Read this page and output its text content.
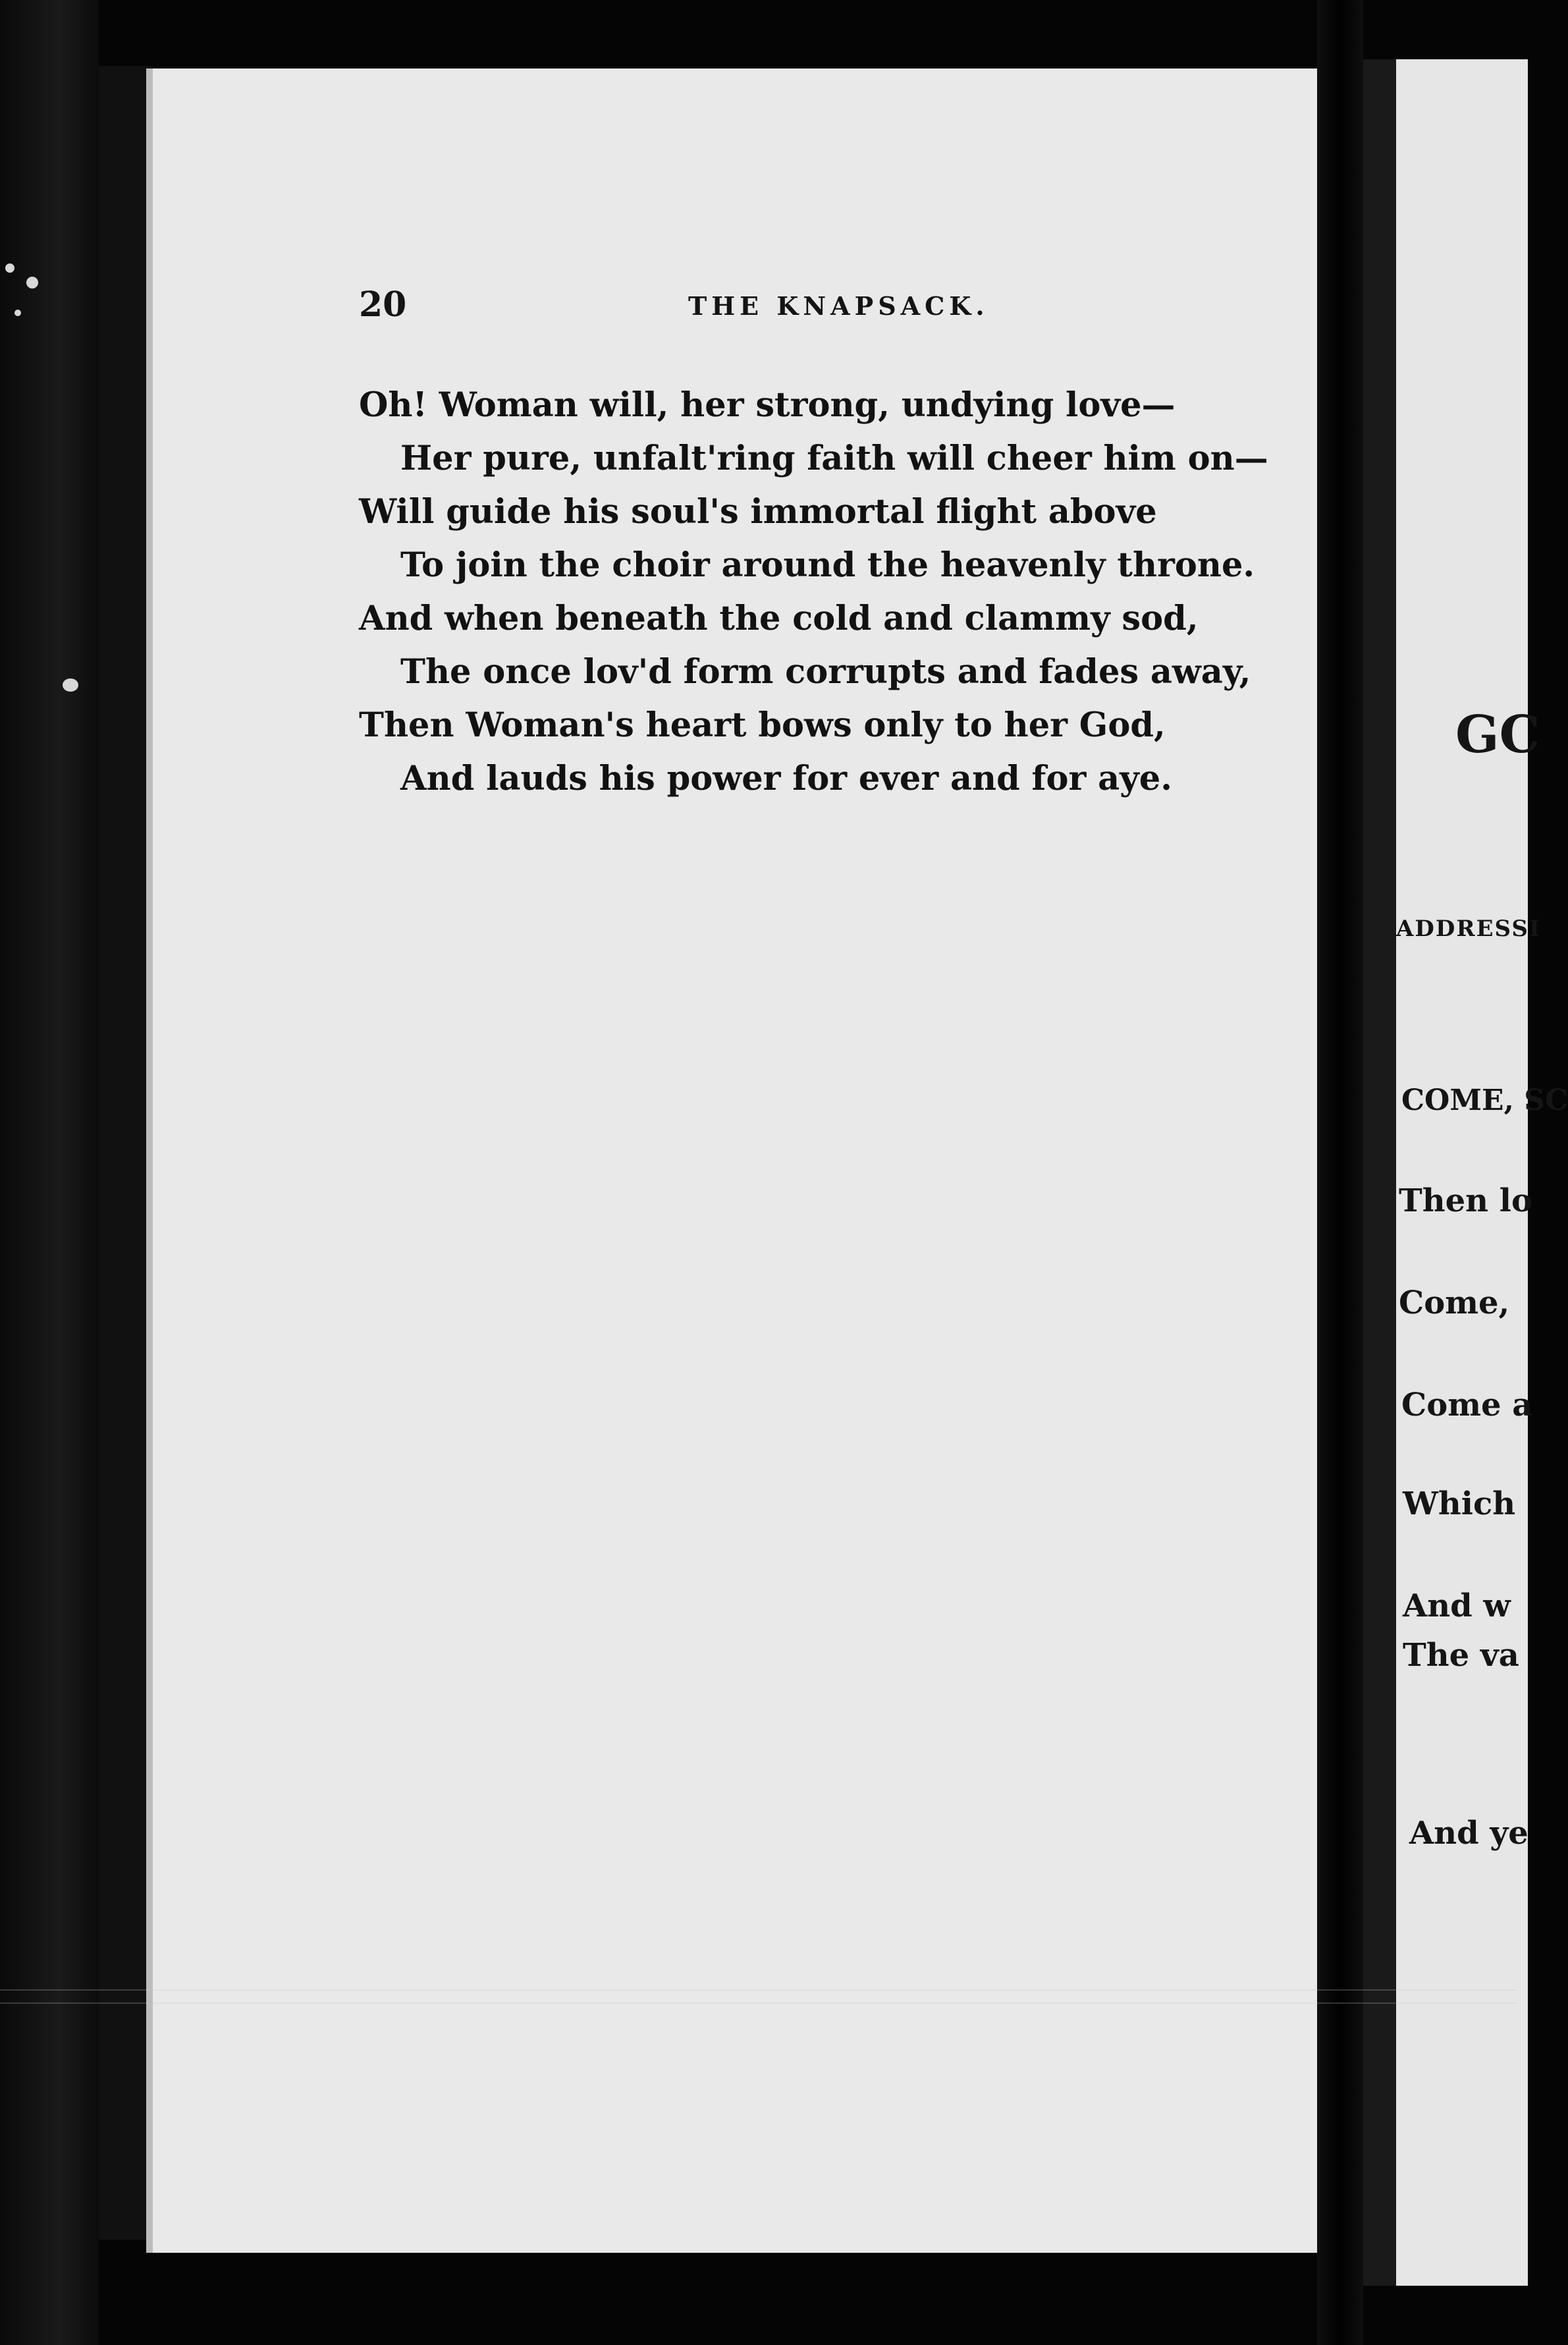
20	THE KNAPSACK.
Oh! Woman will, her strong, undying love—
Her pure, unfalt'ring faith will cheer him on—
Will guide his soul's immortal flight above
To join the choir around the heavenly throne.
And when beneath the cold and clammy sod,
The once lov'd form corrupts and fades away,
Then Woman's heart bows only to her God,
And lauds his power for ever and for aye.
GC
ADDRESSI
COME, SC
Then lo
Come,
Come a
Which
And w
The va
And ye
